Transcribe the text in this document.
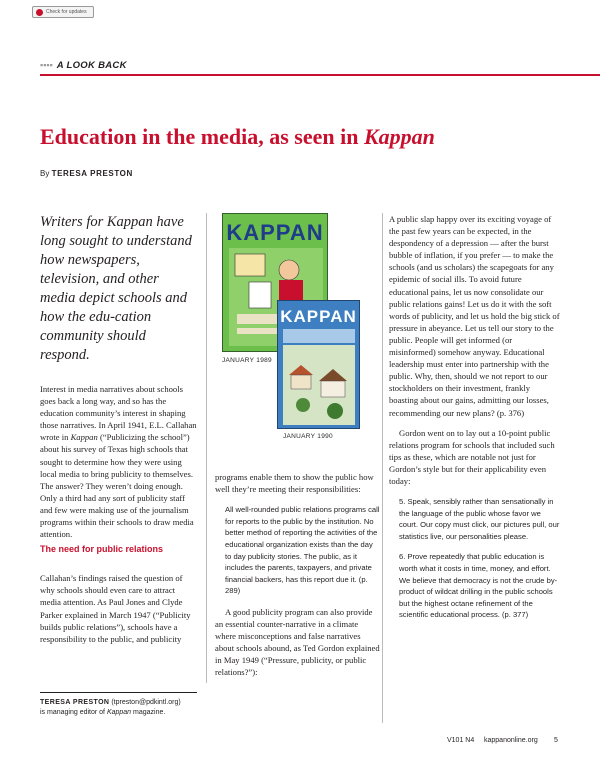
Check for updates
▪▪▪▪ A LOOK BACK
Education in the media, as seen in Kappan
By TERESA PRESTON

Writers for Kappan have long sought to understand how newspapers, television, and other media depict schools and how the edu-cation community should respond.

Interest in media narratives about schools goes back a long way, and so has the education community’s interest in shaping those narratives. In April 1941, E.L. Callahan wrote in Kappan (“Publicizing the school”) about his survey of Texas high schools that sought to determine how they were using local media to bring publicity to themselves. The answer? They weren’t doing enough. Only a third had any sort of publicity staff and few were making use of the journalism programs within their schools to draw media attention.

The need for public relations

Callahan’s findings raised the question of why schools should even care to attract media attention. As Paul Jones and Clyde Parker explained in March 1947 (“Publicity builds public relations”), schools have a responsibility to the public, and publicity

TERESA PRESTON (tpreston@pdkintl.org)
is managing editor of Kappan magazine.
KAPPAN
KAPPAN
JANUARY 1989
JANUARY 1990

programs enable them to show the public how well they’re meeting their responsibilities:

All well-rounded public relations programs call for reports to the public by the institution. No better method of reporting the activities of the educational organization exists than the day to day publicity stories. The public, as it includes the parents, taxpayers, and private financial backers, has this report due it. (p. 289)

A good publicity program can also provide an essential counter-narrative in a climate where misconceptions and false narratives about schools abound, as Ted Gordon explained in May 1949 (“Pressure, publicity, or public relations?”):

A public slap happy over its exciting voyage of the past few years can be expected, in the despondency of a depression — after the burst bubble of inflation, if you prefer — to make the schools (and us scholars) the scapegoats for any epidemic of social ills. To avoid future educational pains, let us now consolidate our public relations gains! Let us do it with the soft words of publicity, and let us hold the big stick of pressure in abeyance. Let us tell our story to the public. People will get informed (or misinformed) somehow anyway. Educational leadership must enter into partnership with the public. Why, then, should we not report to our stockholders on their investment, frankly boasting about our gains, admitting our losses, recommending our new plans? (p. 376)

Gordon went on to lay out a 10-point public relations program for schools that included such tips as these, which are notable not just for Gordon’s style but for their applicability even today:

5. Speak, sensibly rather than sensationally in the language of the public whose favor we court. Our copy must click, our pictures pull, our statistics live, our personalities please.

6. Prove repeatedly that public education is worth what it costs in time, money, and effort. We believe that democracy is not the crude by-product of wildcat drilling in the public schools but the highest octane refinement of the scientific educational process. (p. 377)

V101 N4 kappanonline.org 5
